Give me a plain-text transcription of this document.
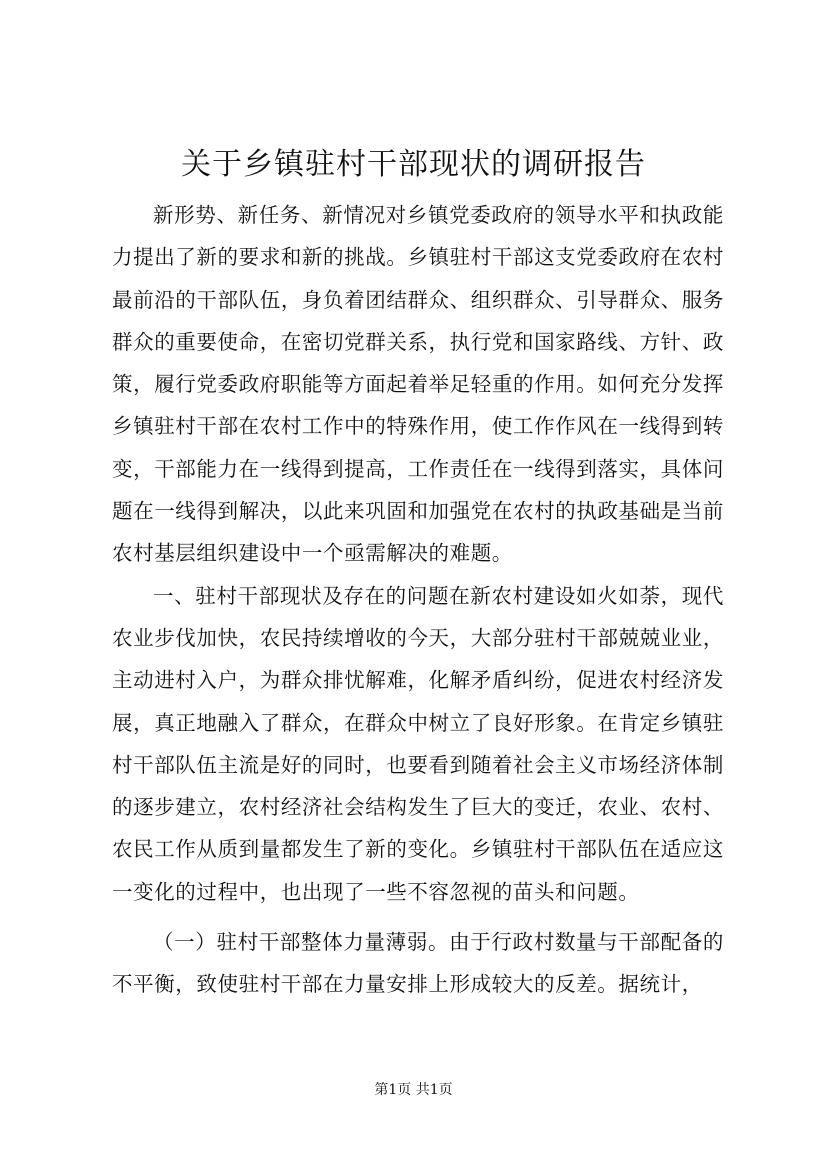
关于乡镇驻村干部现状的调研报告

新形势、新任务、新情况对乡镇党委政府的领导水平和执政能力提出了新的要求和新的挑战。乡镇驻村干部这支党委政府在农村最前沿的干部队伍，身负着团结群众、组织群众、引导群众、服务群众的重要使命，在密切党群关系，执行党和国家路线、方针、政策，履行党委政府职能等方面起着举足轻重的作用。如何充分发挥乡镇驻村干部在农村工作中的特殊作用，使工作作风在一线得到转变，干部能力在一线得到提高，工作责任在一线得到落实，具体问题在一线得到解决，以此来巩固和加强党在农村的执政基础是当前农村基层组织建设中一个亟需解决的难题。

一、驻村干部现状及存在的问题在新农村建设如火如荼，现代农业步伐加快，农民持续增收的今天，大部分驻村干部兢兢业业，主动进村入户，为群众排忧解难，化解矛盾纠纷，促进农村经济发展，真正地融入了群众，在群众中树立了良好形象。在肯定乡镇驻村干部队伍主流是好的同时，也要看到随着社会主义市场经济体制的逐步建立，农村经济社会结构发生了巨大的变迁，农业、农村、农民工作从质到量都发生了新的变化。乡镇驻村干部队伍在适应这一变化的过程中，也出现了一些不容忽视的苗头和问题。

（一）驻村干部整体力量薄弱。由于行政村数量与干部配备的不平衡，致使驻村干部在力量安排上形成较大的反差。据统计，

第1页 共1页
